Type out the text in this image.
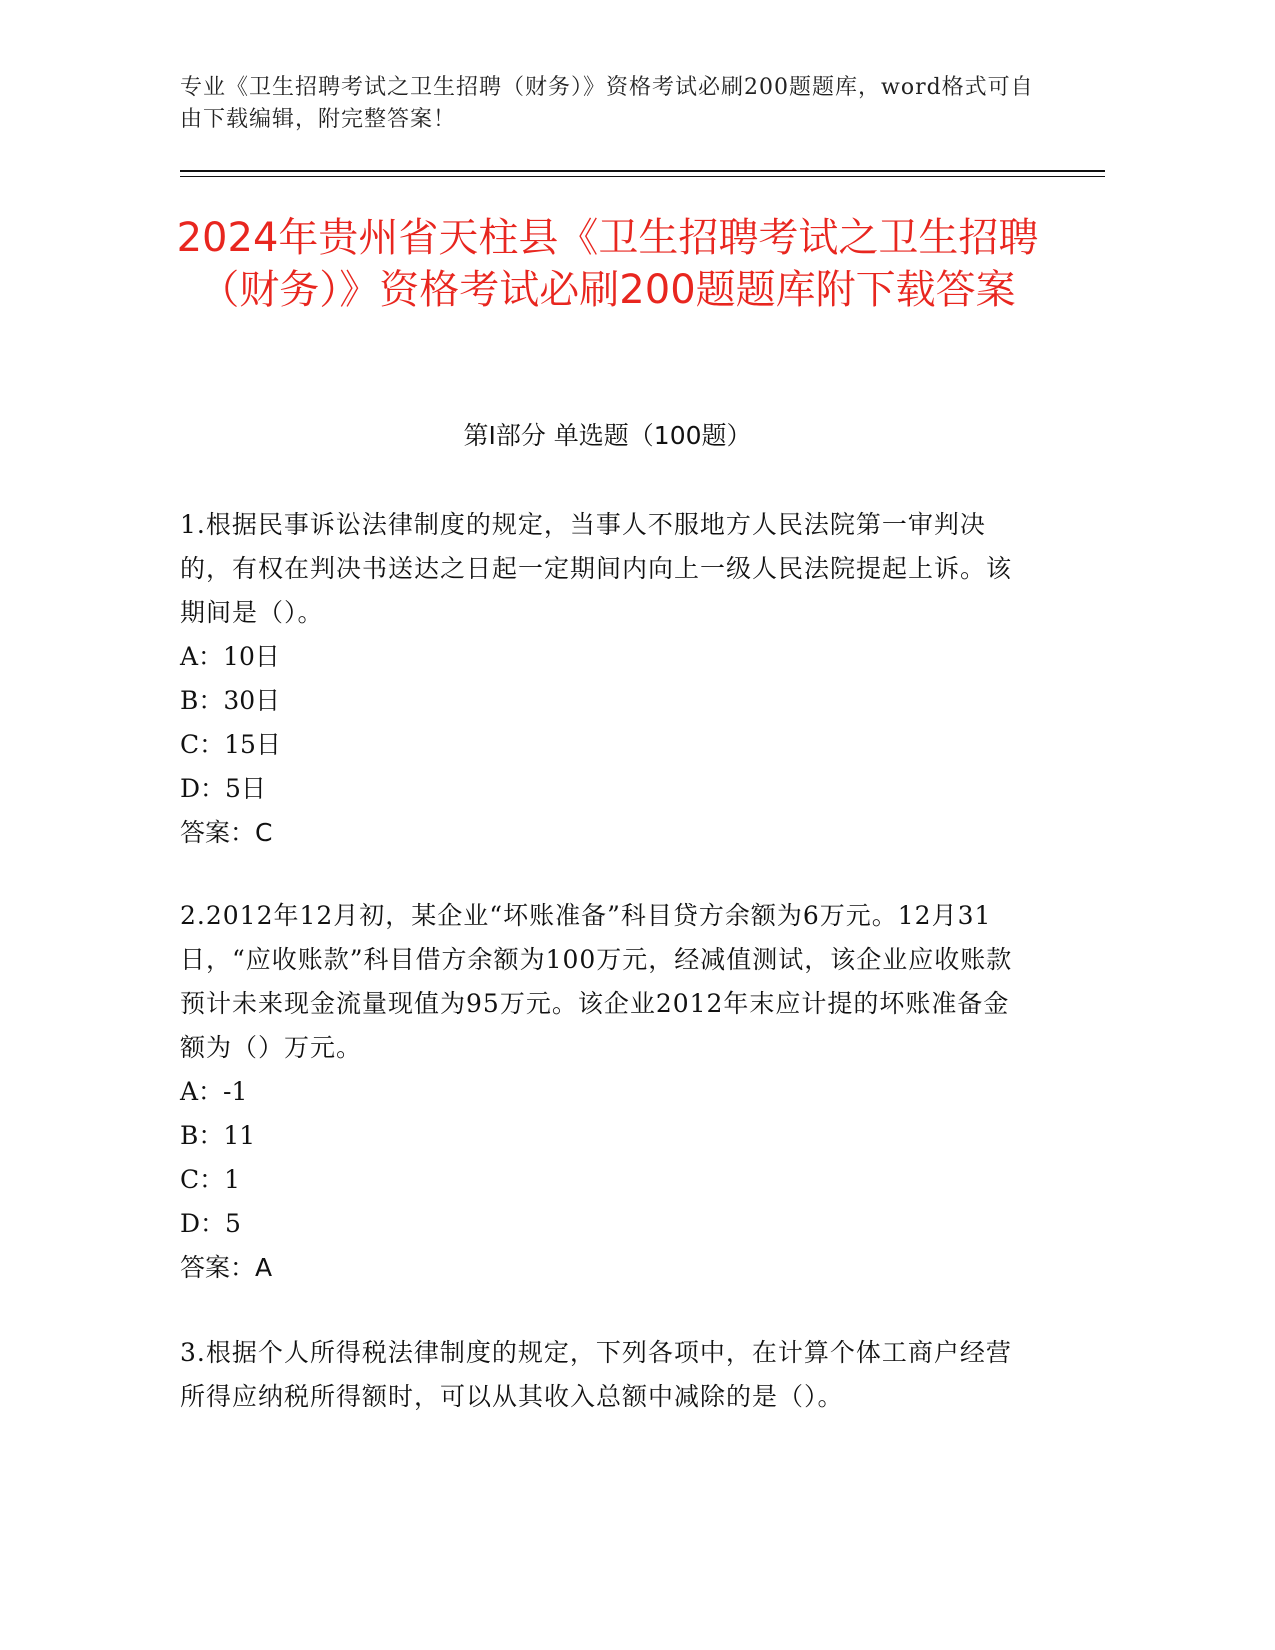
专业《卫生招聘考试之卫生招聘（财务）》资格考试必刷200题题库，word格式可自由下载编辑，附完整答案！
2024年贵州省天柱县《卫生招聘考试之卫生招聘（财务）》资格考试必刷200题题库附下载答案
第Ⅰ部分 单选题（100题）

1.根据民事诉讼法律制度的规定，当事人不服地方人民法院第一审判决的，有权在判决书送达之日起一定期间内向上一级人民法院提起上诉。该期间是（）。

A：10日

B：30日

C：15日

D：5日

答案：C

2.2012年12月初，某企业“坏账准备”科目贷方余额为6万元。12月31日，“应收账款”科目借方余额为100万元，经减值测试，该企业应收账款预计未来现金流量现值为95万元。该企业2012年末应计提的坏账准备金额为（）万元。

A：-1

B：11

C：1

D：5

答案：A

3.根据个人所得税法律制度的规定，下列各项中，在计算个体工商户经营所得应纳税所得额时，可以从其收入总额中减除的是（）。
